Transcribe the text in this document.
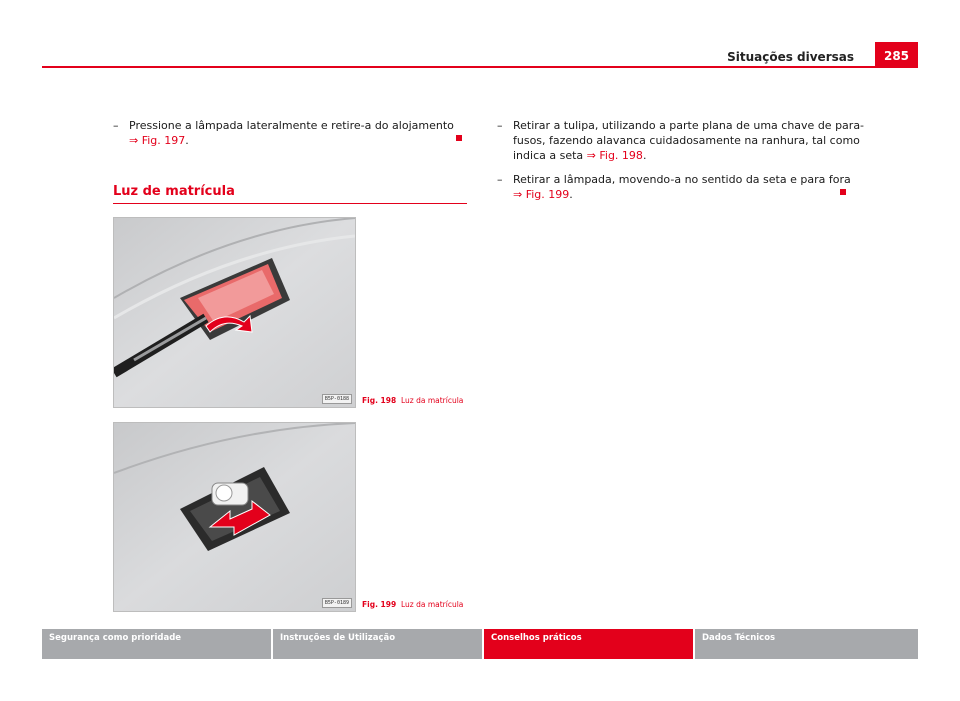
Situações diversas	285
– Pressione a lâmpada lateralmente e retire-a do alojamento
⇒ Fig. 197.
Luz de matrícula
B5P-0188	Fig. 198 Luz da matrícula
B5P-0189	Fig. 199 Luz da matrícula
– Retirar a tulipa, utilizando a parte plana de uma chave de para-
fusos, fazendo alavanca cuidadosamente na ranhura, tal como
indica a seta ⇒ Fig. 198.
– Retirar a lâmpada, movendo-a no sentido da seta e para fora
⇒ Fig. 199.
Segurança como prioridade	Instruções de Utilização	Conselhos práticos	Dados Técnicos
